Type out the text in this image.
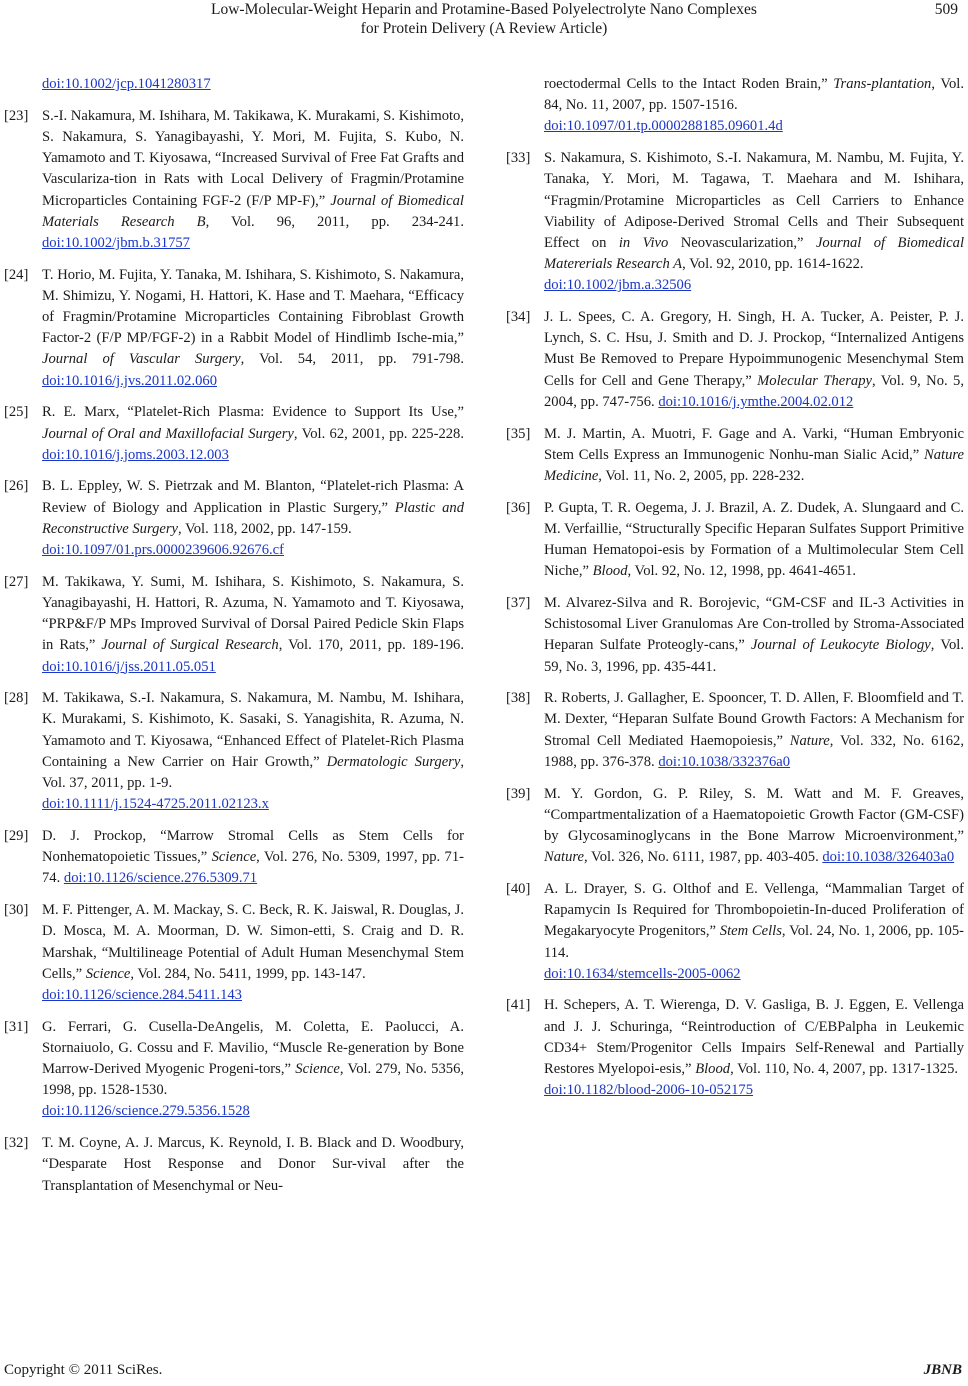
Low-Molecular-Weight Heparin and Protamine-Based Polyelectrolyte Nano Complexes
for Protein Delivery (A Review Article)
509
doi:10.1002/jcp.1041280317
[23] S.-I. Nakamura, M. Ishihara, M. Takikawa, K. Murakami, S. Kishimoto, S. Nakamura, S. Yanagibayashi, Y. Mori, M. Fujita, S. Kubo, N. Yamamoto and T. Kiyosawa, “Increased Survival of Free Fat Grafts and Vasculariza-tion in Rats with Local Delivery of Fragmin/Protamine Microparticles Containing FGF-2 (F/P MP-F),” Journal of Biomedical Materials Research B, Vol. 96, 2011, pp. 234-241. doi:10.1002/jbm.b.31757
[24] T. Horio, M. Fujita, Y. Tanaka, M. Ishihara, S. Kishimoto, S. Nakamura, M. Shimizu, Y. Nogami, H. Hattori, K. Hase and T. Maehara, “Efficacy of Fragmin/Protamine Microparticles Containing Fibroblast Growth Factor-2 (F/P MP/FGF-2) in a Rabbit Model of Hindlimb Ische-mia,” Journal of Vascular Surgery, Vol. 54, 2011, pp. 791-798. doi:10.1016/j.jvs.2011.02.060
[25] R. E. Marx, “Platelet-Rich Plasma: Evidence to Support Its Use,” Journal of Oral and Maxillofacial Surgery, Vol. 62, 2001, pp. 225-228. doi:10.1016/j.joms.2003.12.003
[26] B. L. Eppley, W. S. Pietrzak and M. Blanton, “Platelet-rich Plasma: A Review of Biology and Application in Plastic Surgery,” Plastic and Reconstructive Surgery, Vol. 118, 2002, pp. 147-159.
doi:10.1097/01.prs.0000239606.92676.cf
[27] M. Takikawa, Y. Sumi, M. Ishihara, S. Kishimoto, S. Nakamura, S. Yanagibayashi, H. Hattori, R. Azuma, N. Yamamoto and T. Kiyosawa, “PRP&F/P MPs Improved Survival of Dorsal Paired Pedicle Skin Flaps in Rats,” Journal of Surgical Research, Vol. 170, 2011, pp. 189-196. doi:10.1016/j/jss.2011.05.051
[28] M. Takikawa, S.-I. Nakamura, S. Nakamura, M. Nambu, M. Ishihara, K. Murakami, S. Kishimoto, K. Sasaki, S. Yanagishita, R. Azuma, N. Yamamoto and T. Kiyosawa, “Enhanced Effect of Platelet-Rich Plasma Containing a New Carrier on Hair Growth,” Dermatologic Surgery, Vol. 37, 2011, pp. 1-9.
doi:10.1111/j.1524-4725.2011.02123.x
[29] D. J. Prockop, “Marrow Stromal Cells as Stem Cells for Nonhematopoietic Tissues,” Science, Vol. 276, No. 5309, 1997, pp. 71-74. doi:10.1126/science.276.5309.71
[30] M. F. Pittenger, A. M. Mackay, S. C. Beck, R. K. Jaiswal, R. Douglas, J. D. Mosca, M. A. Moorman, D. W. Simon-etti, S. Craig and D. R. Marshak, “Multilineage Potential of Adult Human Mesenchymal Stem Cells,” Science, Vol. 284, No. 5411, 1999, pp. 143-147.
doi:10.1126/science.284.5411.143
[31] G. Ferrari, G. Cusella-DeAngelis, M. Coletta, E. Paolucci, A. Stornaiuolo, G. Cossu and F. Mavilio, “Muscle Re-generation by Bone Marrow-Derived Myogenic Progeni-tors,” Science, Vol. 279, No. 5356, 1998, pp. 1528-1530.
doi:10.1126/science.279.5356.1528
[32] T. M. Coyne, A. J. Marcus, K. Reynold, I. B. Black and D. Woodbury, “Desparate Host Response and Donor Sur-vival after the Transplantation of Mesenchymal or Neu-
roectodermal Cells to the Intact Roden Brain,” Trans-plantation, Vol. 84, No. 11, 2007, pp. 1507-1516.
doi:10.1097/01.tp.0000288185.09601.4d
[33] S. Nakamura, S. Kishimoto, S.-I. Nakamura, M. Nambu, M. Fujita, Y. Tanaka, Y. Mori, M. Tagawa, T. Maehara and M. Ishihara, “Fragmin/Protamine Microparticles as Cell Carriers to Enhance Viability of Adipose-Derived Stromal Cells and Their Subsequent Effect on in Vivo Neovascularization,” Journal of Biomedical Matererials Research A, Vol. 92, 2010, pp. 1614-1622.
doi:10.1002/jbm.a.32506
[34] J. L. Spees, C. A. Gregory, H. Singh, H. A. Tucker, A. Peister, P. J. Lynch, S. C. Hsu, J. Smith and D. J. Prockop, “Internalized Antigens Must Be Removed to Prepare Hypoimmunogenic Mesenchymal Stem Cells for Cell and Gene Therapy,” Molecular Therapy, Vol. 9, No. 5, 2004, pp. 747-756. doi:10.1016/j.ymthe.2004.02.012
[35] M. J. Martin, A. Muotri, F. Gage and A. Varki, “Human Embryonic Stem Cells Express an Immunogenic Nonhu-man Sialic Acid,” Nature Medicine, Vol. 11, No. 2, 2005, pp. 228-232.
[36] P. Gupta, T. R. Oegema, J. J. Brazil, A. Z. Dudek, A. Slungaard and C. M. Verfaillie, “Structurally Specific Heparan Sulfates Support Primitive Human Hematopoi-esis by Formation of a Multimolecular Stem Cell Niche,” Blood, Vol. 92, No. 12, 1998, pp. 4641-4651.
[37] M. Alvarez-Silva and R. Borojevic, “GM-CSF and IL-3 Activities in Schistosomal Liver Granulomas Are Con-trolled by Stroma-Associated Heparan Sulfate Proteogly-cans,” Journal of Leukocyte Biology, Vol. 59, No. 3, 1996, pp. 435-441.
[38] R. Roberts, J. Gallagher, E. Spooncer, T. D. Allen, F. Bloomfield and T. M. Dexter, “Heparan Sulfate Bound Growth Factors: A Mechanism for Stromal Cell Mediated Haemopoiesis,” Nature, Vol. 332, No. 6162, 1988, pp. 376-378. doi:10.1038/332376a0
[39] M. Y. Gordon, G. P. Riley, S. M. Watt and M. F. Greaves, “Compartmentalization of a Haematopoietic Growth Factor (GM-CSF) by Glycosaminoglycans in the Bone Marrow Microenvironment,” Nature, Vol. 326, No. 6111, 1987, pp. 403-405. doi:10.1038/326403a0
[40] A. L. Drayer, S. G. Olthof and E. Vellenga, “Mammalian Target of Rapamycin Is Required for Thrombopoietin-In-duced Proliferation of Megakaryocyte Progenitors,” Stem Cells, Vol. 24, No. 1, 2006, pp. 105-114.
doi:10.1634/stemcells-2005-0062
[41] H. Schepers, A. T. Wierenga, D. V. Gasliga, B. J. Eggen, E. Vellenga and J. J. Schuringa, “Reintroduction of C/EBPalpha in Leukemic CD34+ Stem/Progenitor Cells Impairs Self-Renewal and Partially Restores Myelopoi-esis,” Blood, Vol. 110, No. 4, 2007, pp. 1317-1325.
doi:10.1182/blood-2006-10-052175
Copyright © 2011 SciRes.	JBNB
